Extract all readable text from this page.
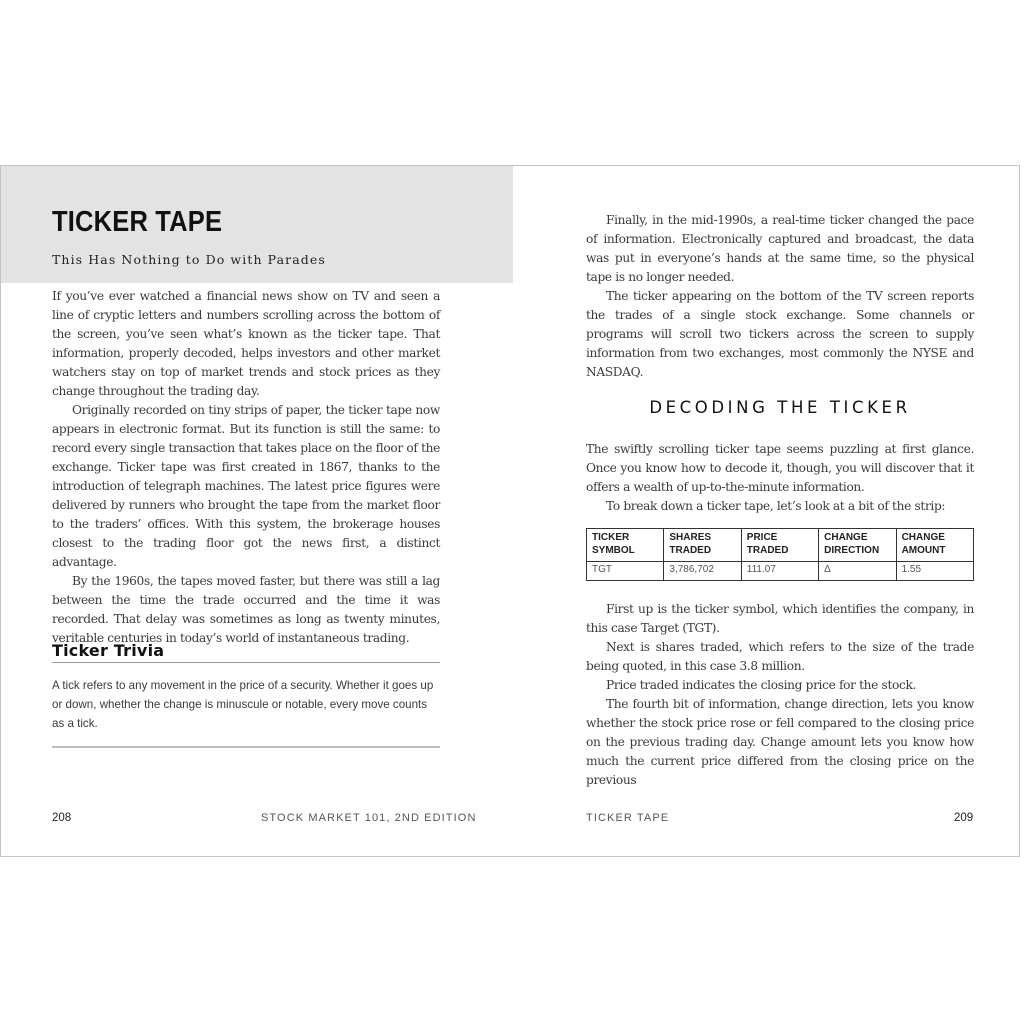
TICKER TAPE

This Has Nothing to Do with Parades

If you’ve ever watched a financial news show on TV and seen a line of cryptic letters and numbers scrolling across the bottom of the screen, you’ve seen what’s known as the ticker tape. That information, properly decoded, helps investors and other market watchers stay on top of market trends and stock prices as they change throughout the trading day.

Originally recorded on tiny strips of paper, the ticker tape now appears in electronic format. But its function is still the same: to record every single transaction that takes place on the floor of the exchange. Ticker tape was first created in 1867, thanks to the introduction of telegraph machines. The latest price figures were delivered by runners who brought the tape from the market floor to the traders’ offices. With this system, the brokerage houses closest to the trading floor got the news first, a distinct advantage.

By the 1960s, the tapes moved faster, but there was still a lag between the time the trade occurred and the time it was recorded. That delay was sometimes as long as twenty minutes, veritable centuries in today’s world of instantaneous trading.

Ticker Trivia

A tick refers to any movement in the price of a security. Whether it goes up or down, whether the change is minuscule or notable, every move counts as a tick.

208	STOCK MARKET 101, 2ND EDITION

Finally, in the mid-1990s, a real-time ticker changed the pace of information. Electronically captured and broadcast, the data was put in everyone’s hands at the same time, so the physical tape is no longer needed.

The ticker appearing on the bottom of the TV screen reports the trades of a single stock exchange. Some channels or programs will scroll two tickers across the screen to supply information from two exchanges, most commonly the NYSE and NASDAQ.

DECODING THE TICKER

The swiftly scrolling ticker tape seems puzzling at first glance. Once you know how to decode it, though, you will discover that it offers a wealth of up-to-the-minute information.

To break down a ticker tape, let’s look at a bit of the strip:

TICKER SYMBOL	SHARES TRADED	PRICE TRADED	CHANGE DIRECTION	CHANGE AMOUNT
TGT	3,786,702	111.07	Δ	1.55

First up is the ticker symbol, which identifies the company, in this case Target (TGT).

Next is shares traded, which refers to the size of the trade being quoted, in this case 3.8 million.

Price traded indicates the closing price for the stock.

The fourth bit of information, change direction, lets you know whether the stock price rose or fell compared to the closing price on the previous trading day. Change amount lets you know how much the current price differed from the closing price on the previous

TICKER TAPE	209
